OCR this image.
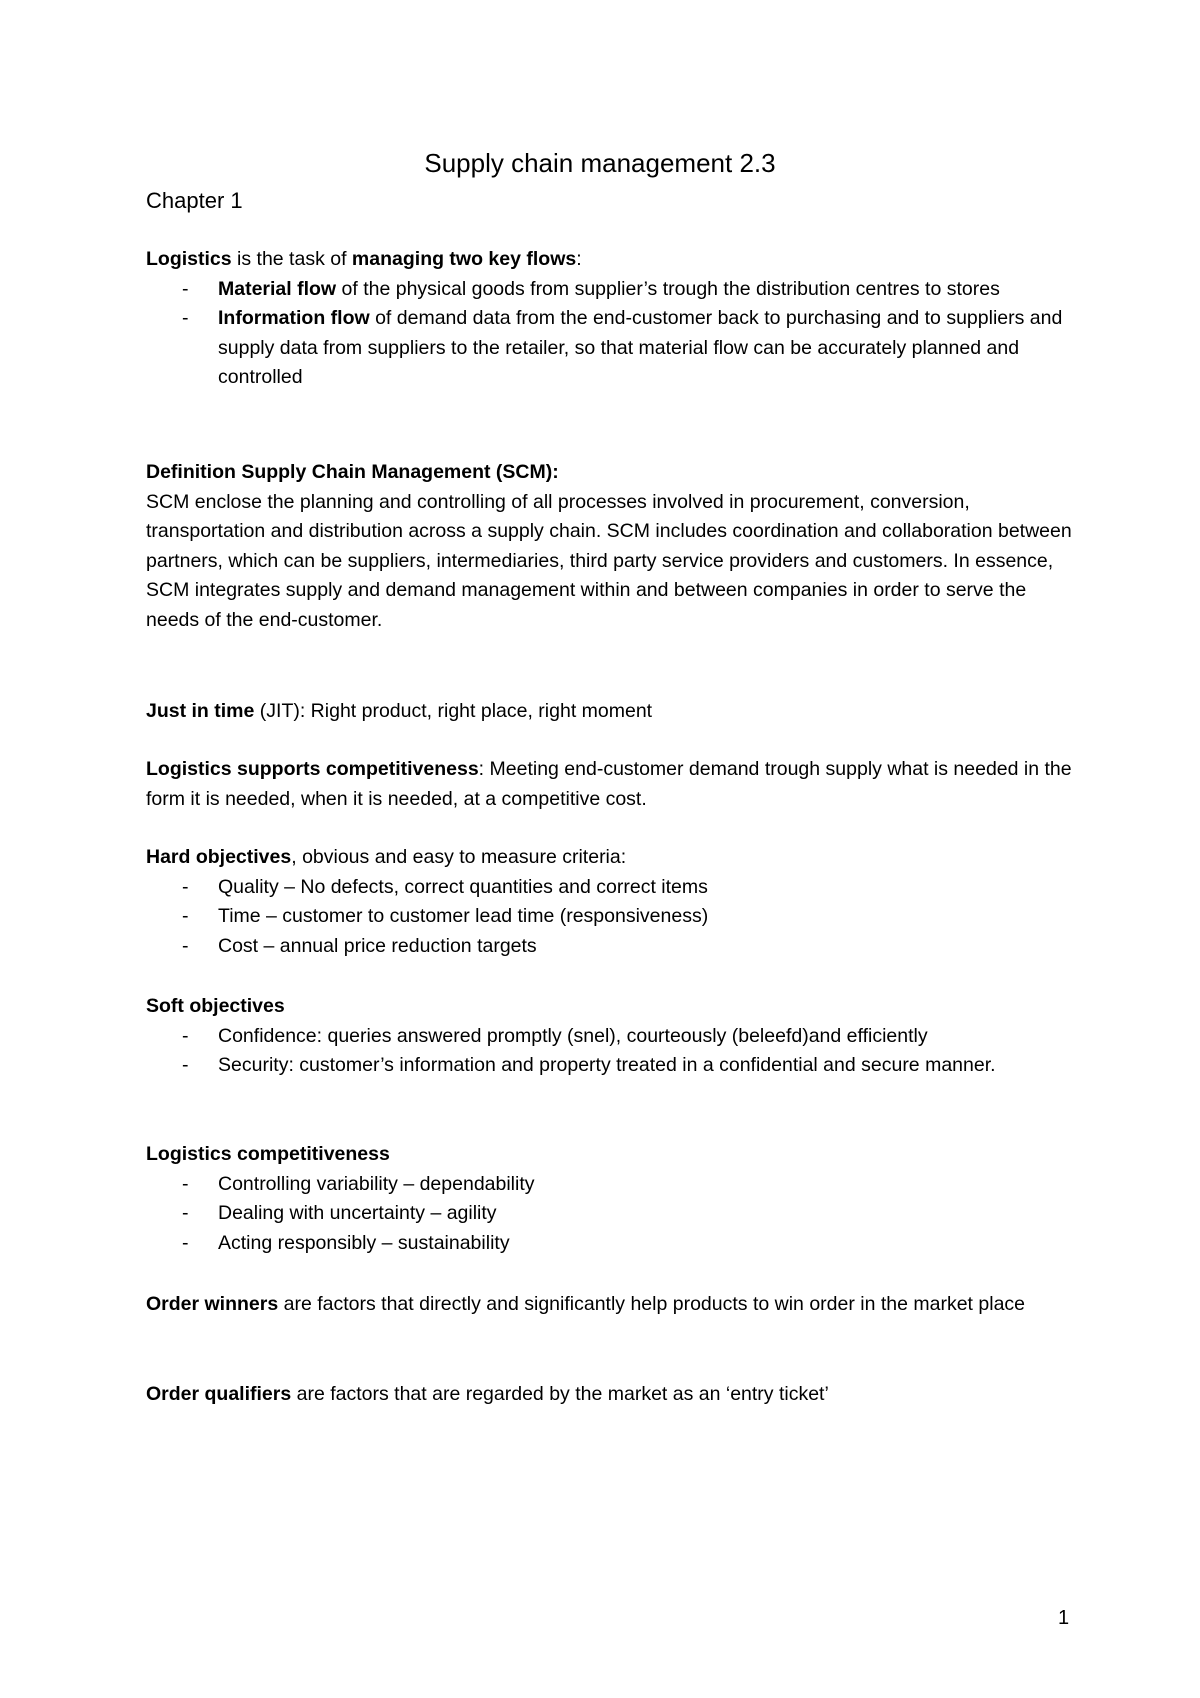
Supply chain management 2.3
Chapter 1

Logistics is the task of managing two key flows:

-	Material flow of the physical goods from supplier’s trough the distribution centres to stores
-	Information flow of demand data from the end-customer back to purchasing and to suppliers and supply data from suppliers to the retailer, so that material flow can be accurately planned and controlled

Definition Supply Chain Management (SCM):

SCM enclose the planning and controlling of all processes involved in procurement, conversion, transportation and distribution across a supply chain. SCM includes coordination and collaboration between partners, which can be suppliers, intermediaries, third party service providers and customers. In essence, SCM integrates supply and demand management within and between companies in order to serve the needs of the end-customer.

Just in time (JIT): Right product, right place, right moment

Logistics supports competitiveness: Meeting end-customer demand trough supply what is needed in the form it is needed, when it is needed, at a competitive cost.

Hard objectives, obvious and easy to measure criteria:

-	Quality – No defects, correct quantities and correct items
-	Time – customer to customer lead time (responsiveness)
-	Cost – annual price reduction targets

Soft objectives

-	Confidence: queries answered promptly (snel), courteously (beleefd)and efficiently
-	Security: customer’s information and property treated in a confidential and secure manner.

Logistics competitiveness

-	Controlling variability – dependability
-	Dealing with uncertainty – agility
-	Acting responsibly – sustainability

Order winners are factors that directly and significantly help products to win order in the market place

Order qualifiers are factors that are regarded by the market as an ‘entry ticket’

1
